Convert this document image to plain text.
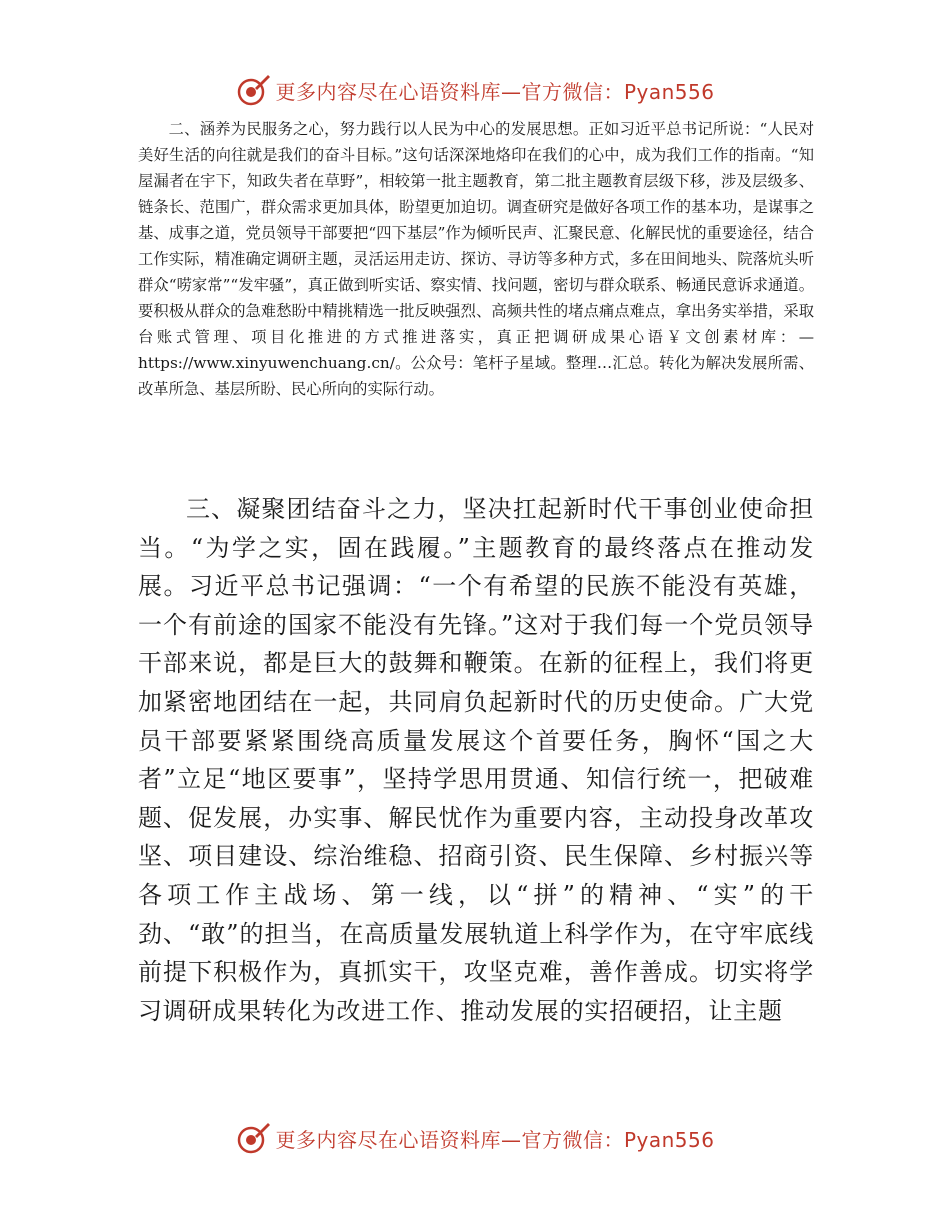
更多内容尽在心语资料库—官方微信：Pyan556

二、涵养为民服务之心，努力践行以人民为中心的发展思想。正如习近平总书记所说：“人民对美好生活的向往就是我们的奋斗目标。”这句话深深地烙印在我们的心中，成为我们工作的指南。“知屋漏者在宇下，知政失者在草野”，相较第一批主题教育，第二批主题教育层级下移，涉及层级多、链条长、范围广，群众需求更加具体，盼望更加迫切。调查研究是做好各项工作的基本功，是谋事之基、成事之道，党员领导干部要把“四下基层”作为倾听民声、汇聚民意、化解民忧的重要途径，结合工作实际，精准确定调研主题，灵活运用走访、探访、寻访等多种方式，多在田间地头、院落炕头听群众“唠家常”“发牢骚”，真正做到听实话、察实情、找问题，密切与群众联系、畅通民意诉求通道。要积极从群众的急难愁盼中精挑精选一批反映强烈、高频共性的堵点痛点难点，拿出务实举措，采取台账式管理、项目化推进的方式推进落实，真正把调研成果心语￥文创素材库：—https://www.xinyuwenchuang.cn/。公众号：笔杆子星域。整理…汇总。转化为解决发展所需、改革所急、基层所盼、民心所向的实际行动。

三、凝聚团结奋斗之力，坚决扛起新时代干事创业使命担当。“为学之实，固在践履。”主题教育的最终落点在推动发展。习近平总书记强调：“一个有希望的民族不能没有英雄，一个有前途的国家不能没有先锋。”这对于我们每一个党员领导干部来说，都是巨大的鼓舞和鞭策。在新的征程上，我们将更加紧密地团结在一起，共同肩负起新时代的历史使命。广大党员干部要紧紧围绕高质量发展这个首要任务，胸怀“国之大者”立足“地区要事”，坚持学思用贯通、知信行统一，把破难题、促发展，办实事、解民忧作为重要内容，主动投身改革攻坚、项目建设、综治维稳、招商引资、民生保障、乡村振兴等各项工作主战场、第一线，以“拼”的精神、“实”的干劲、“敢”的担当，在高质量发展轨道上科学作为，在守牢底线前提下积极作为，真抓实干，攻坚克难，善作善成。切实将学习调研成果转化为改进工作、推动发展的实招硬招，让主题

更多内容尽在心语资料库—官方微信：Pyan556
